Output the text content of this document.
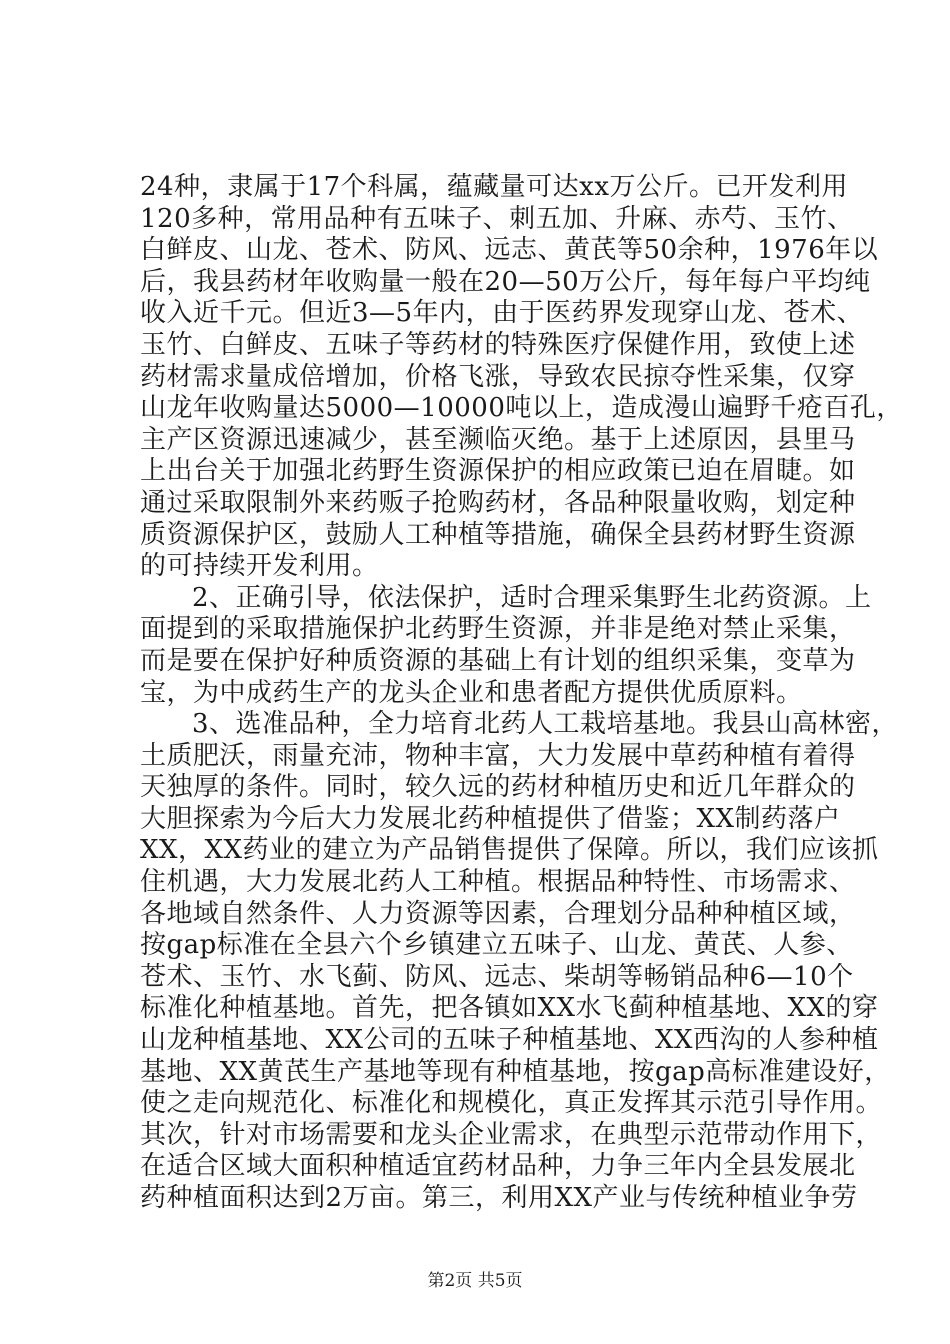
24种，隶属于17个科属，蕴藏量可达xx万公斤。已开发利用
120多种，常用品种有五味子、刺五加、升麻、赤芍、玉竹、
白鲜皮、山龙、苍术、防风、远志、黄芪等50余种，1976年以
后，我县药材年收购量一般在20—50万公斤，每年每户平均纯
收入近千元。但近3—5年内，由于医药界发现穿山龙、苍术、
玉竹、白鲜皮、五味子等药材的特殊医疗保健作用，致使上述
药材需求量成倍增加，价格飞涨，导致农民掠夺性采集，仅穿
山龙年收购量达5000—10000吨以上，造成漫山遍野千疮百孔，
主产区资源迅速减少，甚至濒临灭绝。基于上述原因，县里马
上出台关于加强北药野生资源保护的相应政策已迫在眉睫。如
通过采取限制外来药贩子抢购药材，各品种限量收购，划定种
质资源保护区，鼓励人工种植等措施，确保全县药材野生资源
的可持续开发利用。
2、正确引导，依法保护，适时合理采集野生北药资源。上
面提到的采取措施保护北药野生资源，并非是绝对禁止采集，
而是要在保护好种质资源的基础上有计划的组织采集，变草为
宝，为中成药生产的龙头企业和患者配方提供优质原料。
3、选准品种，全力培育北药人工栽培基地。我县山高林密，
土质肥沃，雨量充沛，物种丰富，大力发展中草药种植有着得
天独厚的条件。同时，较久远的药材种植历史和近几年群众的
大胆探索为今后大力发展北药种植提供了借鉴；XX制药落户
XX，XX药业的建立为产品销售提供了保障。所以，我们应该抓
住机遇，大力发展北药人工种植。根据品种特性、市场需求、
各地域自然条件、人力资源等因素，合理划分品种种植区域，
按gap标准在全县六个乡镇建立五味子、山龙、黄芪、人参、
苍术、玉竹、水飞蓟、防风、远志、柴胡等畅销品种6—10个
标准化种植基地。首先，把各镇如XX水飞蓟种植基地、XX的穿
山龙种植基地、XX公司的五味子种植基地、XX西沟的人参种植
基地、XX黄芪生产基地等现有种植基地，按gap高标准建设好，
使之走向规范化、标准化和规模化，真正发挥其示范引导作用。
其次，针对市场需要和龙头企业需求，在典型示范带动作用下，
在适合区域大面积种植适宜药材品种，力争三年内全县发展北
药种植面积达到2万亩。第三，利用XX产业与传统种植业争劳
第2页 共5页
